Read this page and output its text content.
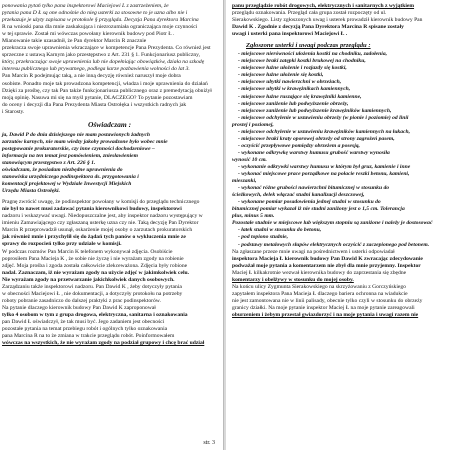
ponowania pytań tylko pana inspektorowi Maciejowi L z zastrzeżeniem, że

pytania pana D Ł są one odnośnie do nieg usterki za stosowne to je uzna albo nie i

przekazuje je użyty zapisana w protokole § przygląda. Decyzja Pana dyrektora Marcina

R na wnioski pana dla mnie zaskakująca i niezrozumiała ograniczająca moje czynności

w tej sprawie. Został mi wówczas powołany kierownik budowy pod Piotr Ł .

Mianowanie takie uzasadnił, że Pan dyrektor Marcin R znacznie

przekracza swoje uprawnienia wkraczające w kompetencje Pana Prezydenta. Co również jest

sprzeczne z ustawą Karnym jako przestępstwo z Art. 231 § 1. Funkcjonariusz publiczny,

który, przekraczając swoje uprawnienia lub nie dopełniając obowiązków, działa na szkodę

interesu publicznego lub prywatnego, podlega karze pozbawienia wolności do lat 3.

Pan Marcin R podejmując taką, a nie inną decyzję również naruszył moje dobra

osobiste. Ponadto moje tak prowadzona kompetencji, władza i moje uprawnienia do działań

Dzięki za prośbę, czy tak Pan także funkcjonariusza publicznego oraz z premedytacją obniżył

moją opinię. Nasuwa mi się na myśl pytanie, DLACZEGO? To pytanie pozostawiam

do oceny i decyzji dla Pana Prezydenta Miasta Ostrołęka i wszystkich radnych jak

i Starosty.

Oświadczam :

ja, Dawid P do dnia dzisiejszego nie mam postawionych żadnych

zarzutów karnych, nie mam wiedzy jakoby prowadzone było wobec mnie

postępowanie prokuratorskie, czy inne czynności dochodzeniowe –

informacja na ten temat jest pomówieniem, zniesławieniem

stanowiącym przestępstwo z Art. 226 § 1.

oświadczam, że posiadam niezbędne uprawnienia do

stanowiska urzędniczego podinspektora ds. przygotowania i

komentacji projektowej w Wydziale Inwestycji Miejskich

Urzędu Miasta Ostrołęki.

Pragnę zwrócić uwagę, że podinspektor powołany w komisji do przeglądu technicznego

nie był to nawet musi zadawać pytania kierownikowi budowy, inspektorowi

nadzoru i wskazywać uwagi. Niedopuszczalne jest, aby inspektor nadzoru występujący w

imieniu Zamawiającego czy zgłaszaną usterkę uzna czy nie. Taką decyzję Pan Dyrektor

Marcin R przeprowadził usunął, oskarżenie mojej osoby o zarzutach prokuratorskich

jak również mnie i przychylił się do żądań tych panów o wykluczenia mnie ze

sprawy do rozpocień tylko przy udziale w komisji.

W podczas rozmów Pan Marcin K telefonem wykonywał zdjęcia. Osobiście

poprosiłem Pana Macieja K , że sobie nie życzę i nie wyrażam zgody na robienie

zdjęć. Moja prośba i zgoda została całkowicie zlekceważona. Zdjęcia były robione

nadal. Zaznaczam, iż nie wyrażam zgody na użycie zdjęć w jakimkolwiek celu.

Nie wyrażam zgody na przetwarzanie jakichkolwiek danych osobowych.

Zarządzaniu także inspektorowi nadzoru. Pan Dawid K , żeby dotyczyły pytania

w obecności Maciejowi Ł , nie dokumentacji, a dotyczyły protokołu na potrzeby

roboty pobranie zasadniczo do dalszej praktyki z prac podinspektorów.

Na pytanie dlaczego kierownik budowy Pan Dawid K zaproponował

tylko 4 osobom w tym z grupa drogowa, elektryczna, sanitarna i oznakowania

pan Dawid Ł oświadczył, że tak musi być. Jego zadaniem jest obecności

pozostałe pytania na temat przebiegu robót i ogólnych tylko oznakowania

pana Marcina R na to że zmiana w trakcie przeglądu robót. Poinformowałem

wówczas na wszystkich, że nie wyrażam zgody na podział grupowy i chcę brać udział

str. 3

panu przeglądzie robót drogowych, elektrycznych i sanitarnych z wyjątkiem

przeglądu oznakowania. Przegląd cała grupa został rozpoczęty od ul.

Sierakowskiego. Listy zgłoszonych uwag i usterek prowadził kierownik budowy Pan

Dawid K . Zgodnie z decyzją Pana Dyrektora Marcina R spisane zostały

uwagi i usterki pana inspektorowi Maciejowi Ł .

Zgłoszone usterki i uwagi podczas przeglądu :

- miejscowe nierówności ułożenia kostki na chodniku, zadołenia,

- miejscowe braki zatępki kostki brukowej na chodniku,

- miejscowe łużne ułożenie i rozjazdy się kostki,

- miejscowe łużne ułożenie się kostki,

- miejscowe ubytki nawierzchni w obrzeżach,

- miejscowe ubytki w krawężnikach kamiennych,

- miejscowe łużne ruszające się krawężniki kamienne,

- miejscowe zaniżenie lub podwyższenie obrzeży,

- miejscowe zaniżenie lub podwyższenie krawężników kamiennych,

- miejscowe odchylenie w ustawieniu obrzeży (w pionie i poziomie) od linii

prostej i poziomej,

- miejscowe odchylenie w ustawieniu krawężników kamiennych na łukach,

- miejscowe braki kraty oporowej obrzeży od strony zagrożeń pasem,

- oczyścić przepływowe pomiędzy obrzeżem a posesją,

- wykonane odkrywkę warstwy humusu grubość warstwy wynosiła

wynosić 10 cm.

- wykonanie odkrywki warstwy humusu w którym był gruz, kamienie i inne

- wykonać miejscowe prace porządkowe na połacie reszki betonu, kamieni,

mieszanki,

- wykonać różne grubości nawierzchni bitumicznej w stosunku do

ścieżkowych, delek włączać studni kanalizacji deszczowej,

- wykonane pomiar posadowienia jednej studni w stosunku do

bitumicznej pomiar wykazał iż nie studni zaniżony jest o 1,5 cm. Tolerancja

plus, minus 5 mm.

Pozostałe studnie w miejscowe lub większym stopniu są zaniżone i należy je dostosować

- łatek studni w stosunku do betonu,

- pod topiono studnie,

- podstawy metalowych słupów elektrycznych oczyścić z zaczepionego pod betonem.

Na zgłaszane przeze mnie uwagi na pośrednictwem i usterki odpowiadał

inspektora Macieja Ł kierownik budowy Pan Dawid K zwracając zdecydowanie

podważał moje pytania a komentarzem nie zbył dla mnie przyjemny. Inspektor

Maciej Ł kilkakrotnie wezwał kierownika budowy do zaprzestania się zbędne

komentarzy i obelżywy w stosunku do mojej osoby.

Na końcu ulicy Zygmunta Sierakowskiego na skrzyżowaniu z Gorczyńskiego

zapytałem inspektora Pana Macieja Ł dlaczego bariera ochronna na wiadukcie

nie jest zamontowana nie w linii palisady, obecnie tylko czyli w stosunku do obrzeży

granicy działki. Na moje pytanie inspektor Maciej Ł na moje pytanie zareagowali

oburzeniem i żebym przestał gwiazdorzyć i na moje pytania i uwagi razem nie
